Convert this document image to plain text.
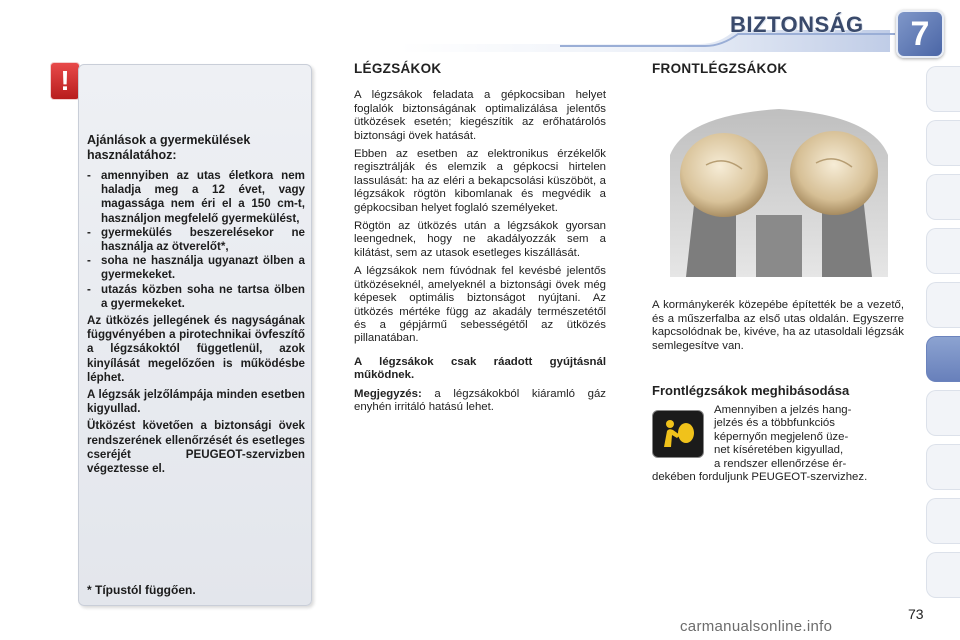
BIZTONSÁG	7
!
Ajánlások a gyermekülések használatához:
- amennyiben az utas életkora nem haladja meg a 12 évet, vagy magassága nem éri el a 150 cm-t, használjon megfelelő gyermekülést,
- gyermekülés beszerelésekor ne használja az ötverelőt*,
- soha ne használja ugyanazt ölben a gyermekeket.
- utazás közben soha ne tartsa ölben a gyermekeket.

Az ütközés jellegének és nagyságának függvényében a pirotechnikai övfeszítő a légzsákoktól függetlenül, azok kinyílását megelőzően is működésbe léphet.

A légzsák jelzőlámpája minden esetben kigyullad.

Ütközést követően a biztonsági övek rendszerének ellenőrzését és esetleges cseréjét PEUGEOT-szervizben végeztesse el.

* Típustól függően.
LÉGZSÁKOK

A légzsákok feladata a gépkocsiban helyet foglalók biztonságának optimalizálása jelentős ütközések esetén; kiegészítik az erőhatárolós biztonsági övek hatását.

Ebben az esetben az elektronikus érzékelők regisztrálják és elemzik a gépkocsi hirtelen lassulását: ha az eléri a bekapcsolási küszöböt, a légzsákok rögtön kibomlanak és megvédik a gépkocsiban helyet foglaló személyeket.

Rögtön az ütközés után a légzsákok gyorsan leengednek, hogy ne akadályozzák sem a kilátást, sem az utasok esetleges kiszállását.

A légzsákok nem fúvódnak fel kevésbé jelentős ütközéseknél, amelyeknél a biztonsági övek még képesek optimális biztonságot nyújtani. Az ütközés mértéke függ az akadály természetétől és a gépjármű sebességétől az ütközés pillanatában.

A légzsákok csak ráadott gyújtásnál működnek.

Megjegyzés: a légzsákokból kiáramló gáz enyhén irritáló hatású lehet.

FRONTLÉGZSÁKOK

A kormánykerék közepébe építették be a vezető, és a műszerfalba az első utas oldalán. Egyszerre kapcsolódnak be, kivéve, ha az utasoldali légzsák semlegesítve van.

Frontlégzsákok meghibásodása
Amennyiben a jelzés hang-
jelzés és a többfunkciós
képernyőn megjelenő üze-
net kíséretében kigyullad,
a rendszer ellenőrzése ér-

dekében forduljunk PEUGEOT-szervizhez.

73
carmanualsonline.info
